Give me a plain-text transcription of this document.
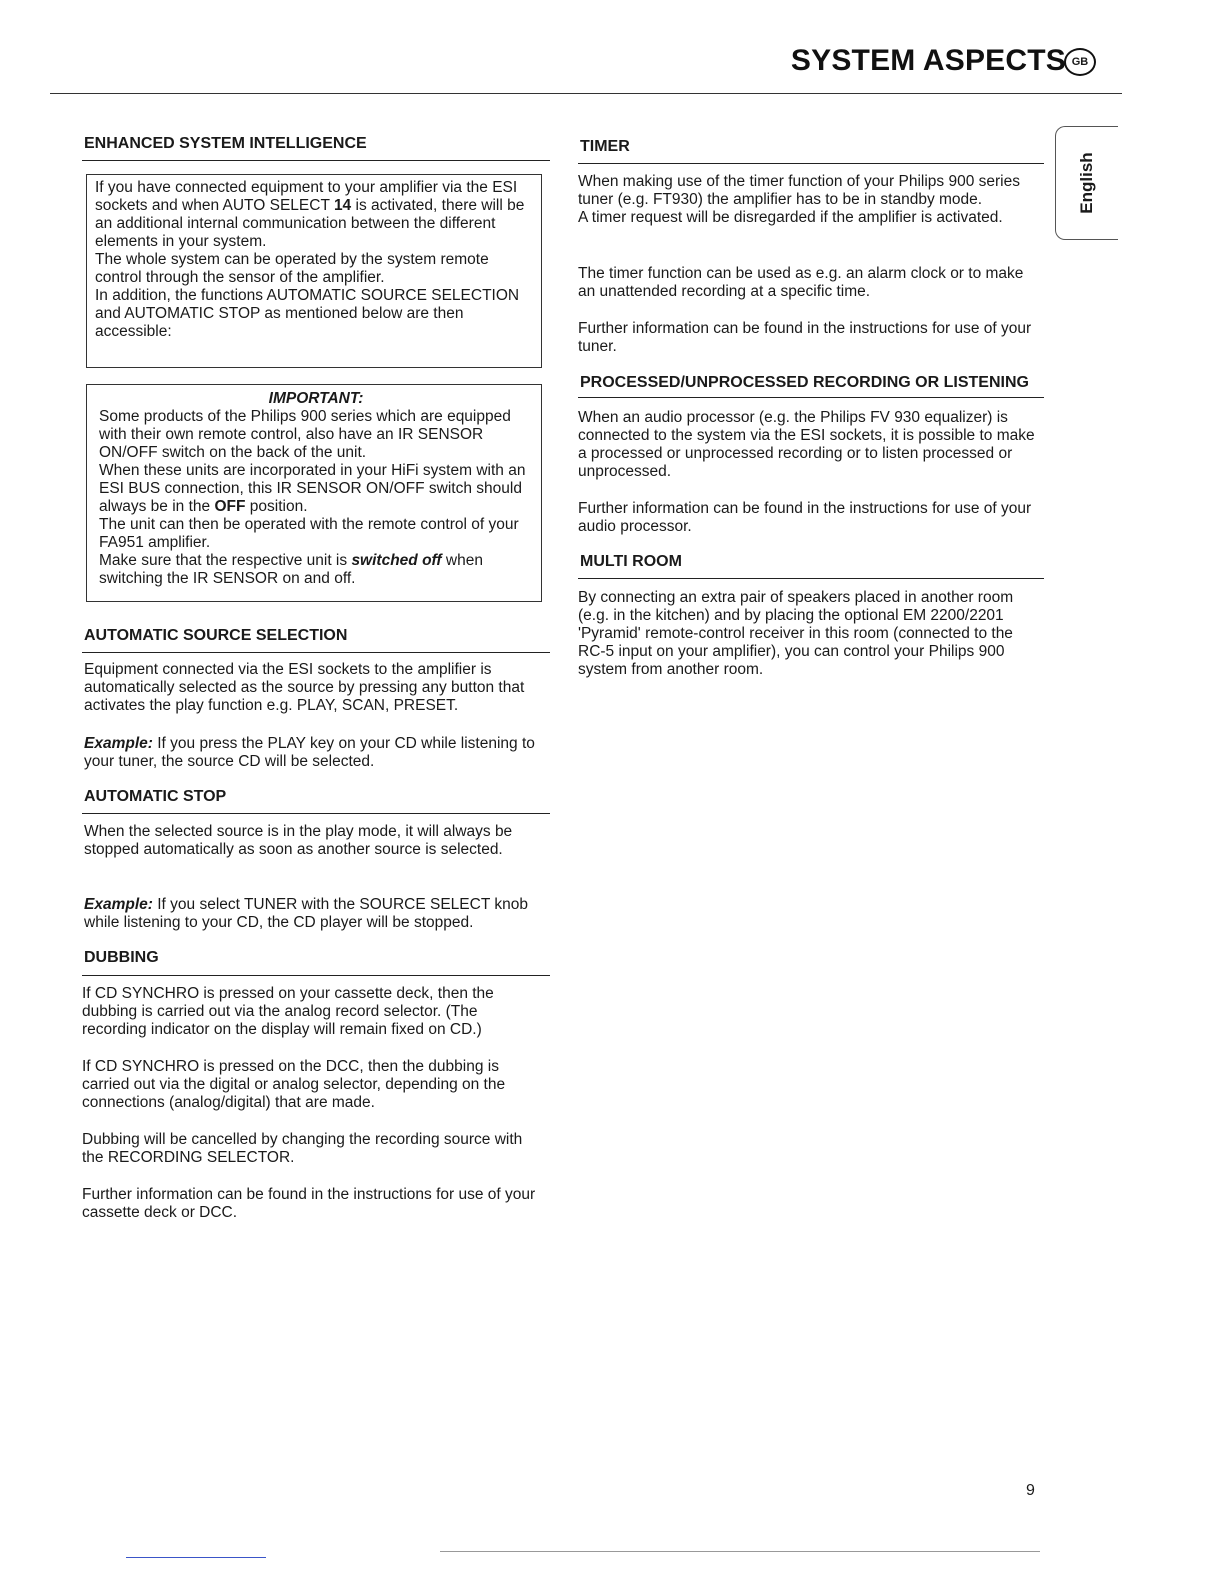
SYSTEM ASPECTS GB
English
ENHANCED SYSTEM INTELLIGENCE

If you have connected equipment to your amplifier via the ESI sockets and when AUTO SELECT 14 is activated, there will be an additional internal communication between the different elements in your system.

The whole system can be operated by the system remote control through the sensor of the amplifier.

In addition, the functions AUTOMATIC SOURCE SELECTION and AUTOMATIC STOP as mentioned below are then accessible:

IMPORTANT:

Some products of the Philips 900 series which are equipped with their own remote control, also have an IR SENSOR ON/OFF switch on the back of the unit.

When these units are incorporated in your HiFi system with an ESI BUS connection, this IR SENSOR ON/OFF switch should always be in the OFF position.

The unit can then be operated with the remote control of your FA951 amplifier.

Make sure that the respective unit is switched off when switching the IR SENSOR on and off.

AUTOMATIC SOURCE SELECTION

Equipment connected via the ESI sockets to the amplifier is automatically selected as the source by pressing any button that activates the play function e.g. PLAY, SCAN, PRESET.

Example: If you press the PLAY key on your CD while listening to your tuner, the source CD will be selected.

AUTOMATIC STOP

When the selected source is in the play mode, it will always be stopped automatically as soon as another source is selected.

Example: If you select TUNER with the SOURCE SELECT knob while listening to your CD, the CD player will be stopped.

DUBBING
If CD SYNCHRO is pressed on your cassette deck, then the dubbing is carried out via the analog record selector. (The recording indicator on the display will remain fixed on CD.)
If CD SYNCHRO is pressed on the DCC, then the dubbing is carried out via the digital or analog selector, depending on the connections (analog/digital) that are made.
Dubbing will be cancelled by changing the recording source with the RECORDING SELECTOR.
Further information can be found in the instructions for use of your cassette deck or DCC.
TIMER

When making use of the timer function of your Philips 900 series tuner (e.g. FT930) the amplifier has to be in standby mode.

A timer request will be disregarded if the amplifier is activated.

The timer function can be used as e.g. an alarm clock or to make an unattended recording at a specific time.
Further information can be found in the instructions for use of your tuner.
PROCESSED/UNPROCESSED RECORDING OR LISTENING
When an audio processor (e.g. the Philips FV 930 equalizer) is connected to the system via the ESI sockets, it is possible to make a processed or unprocessed recording or to listen processed or unprocessed.
Further information can be found in the instructions for use of your audio processor.
MULTI ROOM
By connecting an extra pair of speakers placed in another room (e.g. in the kitchen) and by placing the optional EM 2200/2201 'Pyramid' remote-control receiver in this room (connected to the RC-5 input on your amplifier), you can control your Philips 900 system from another room.
9
